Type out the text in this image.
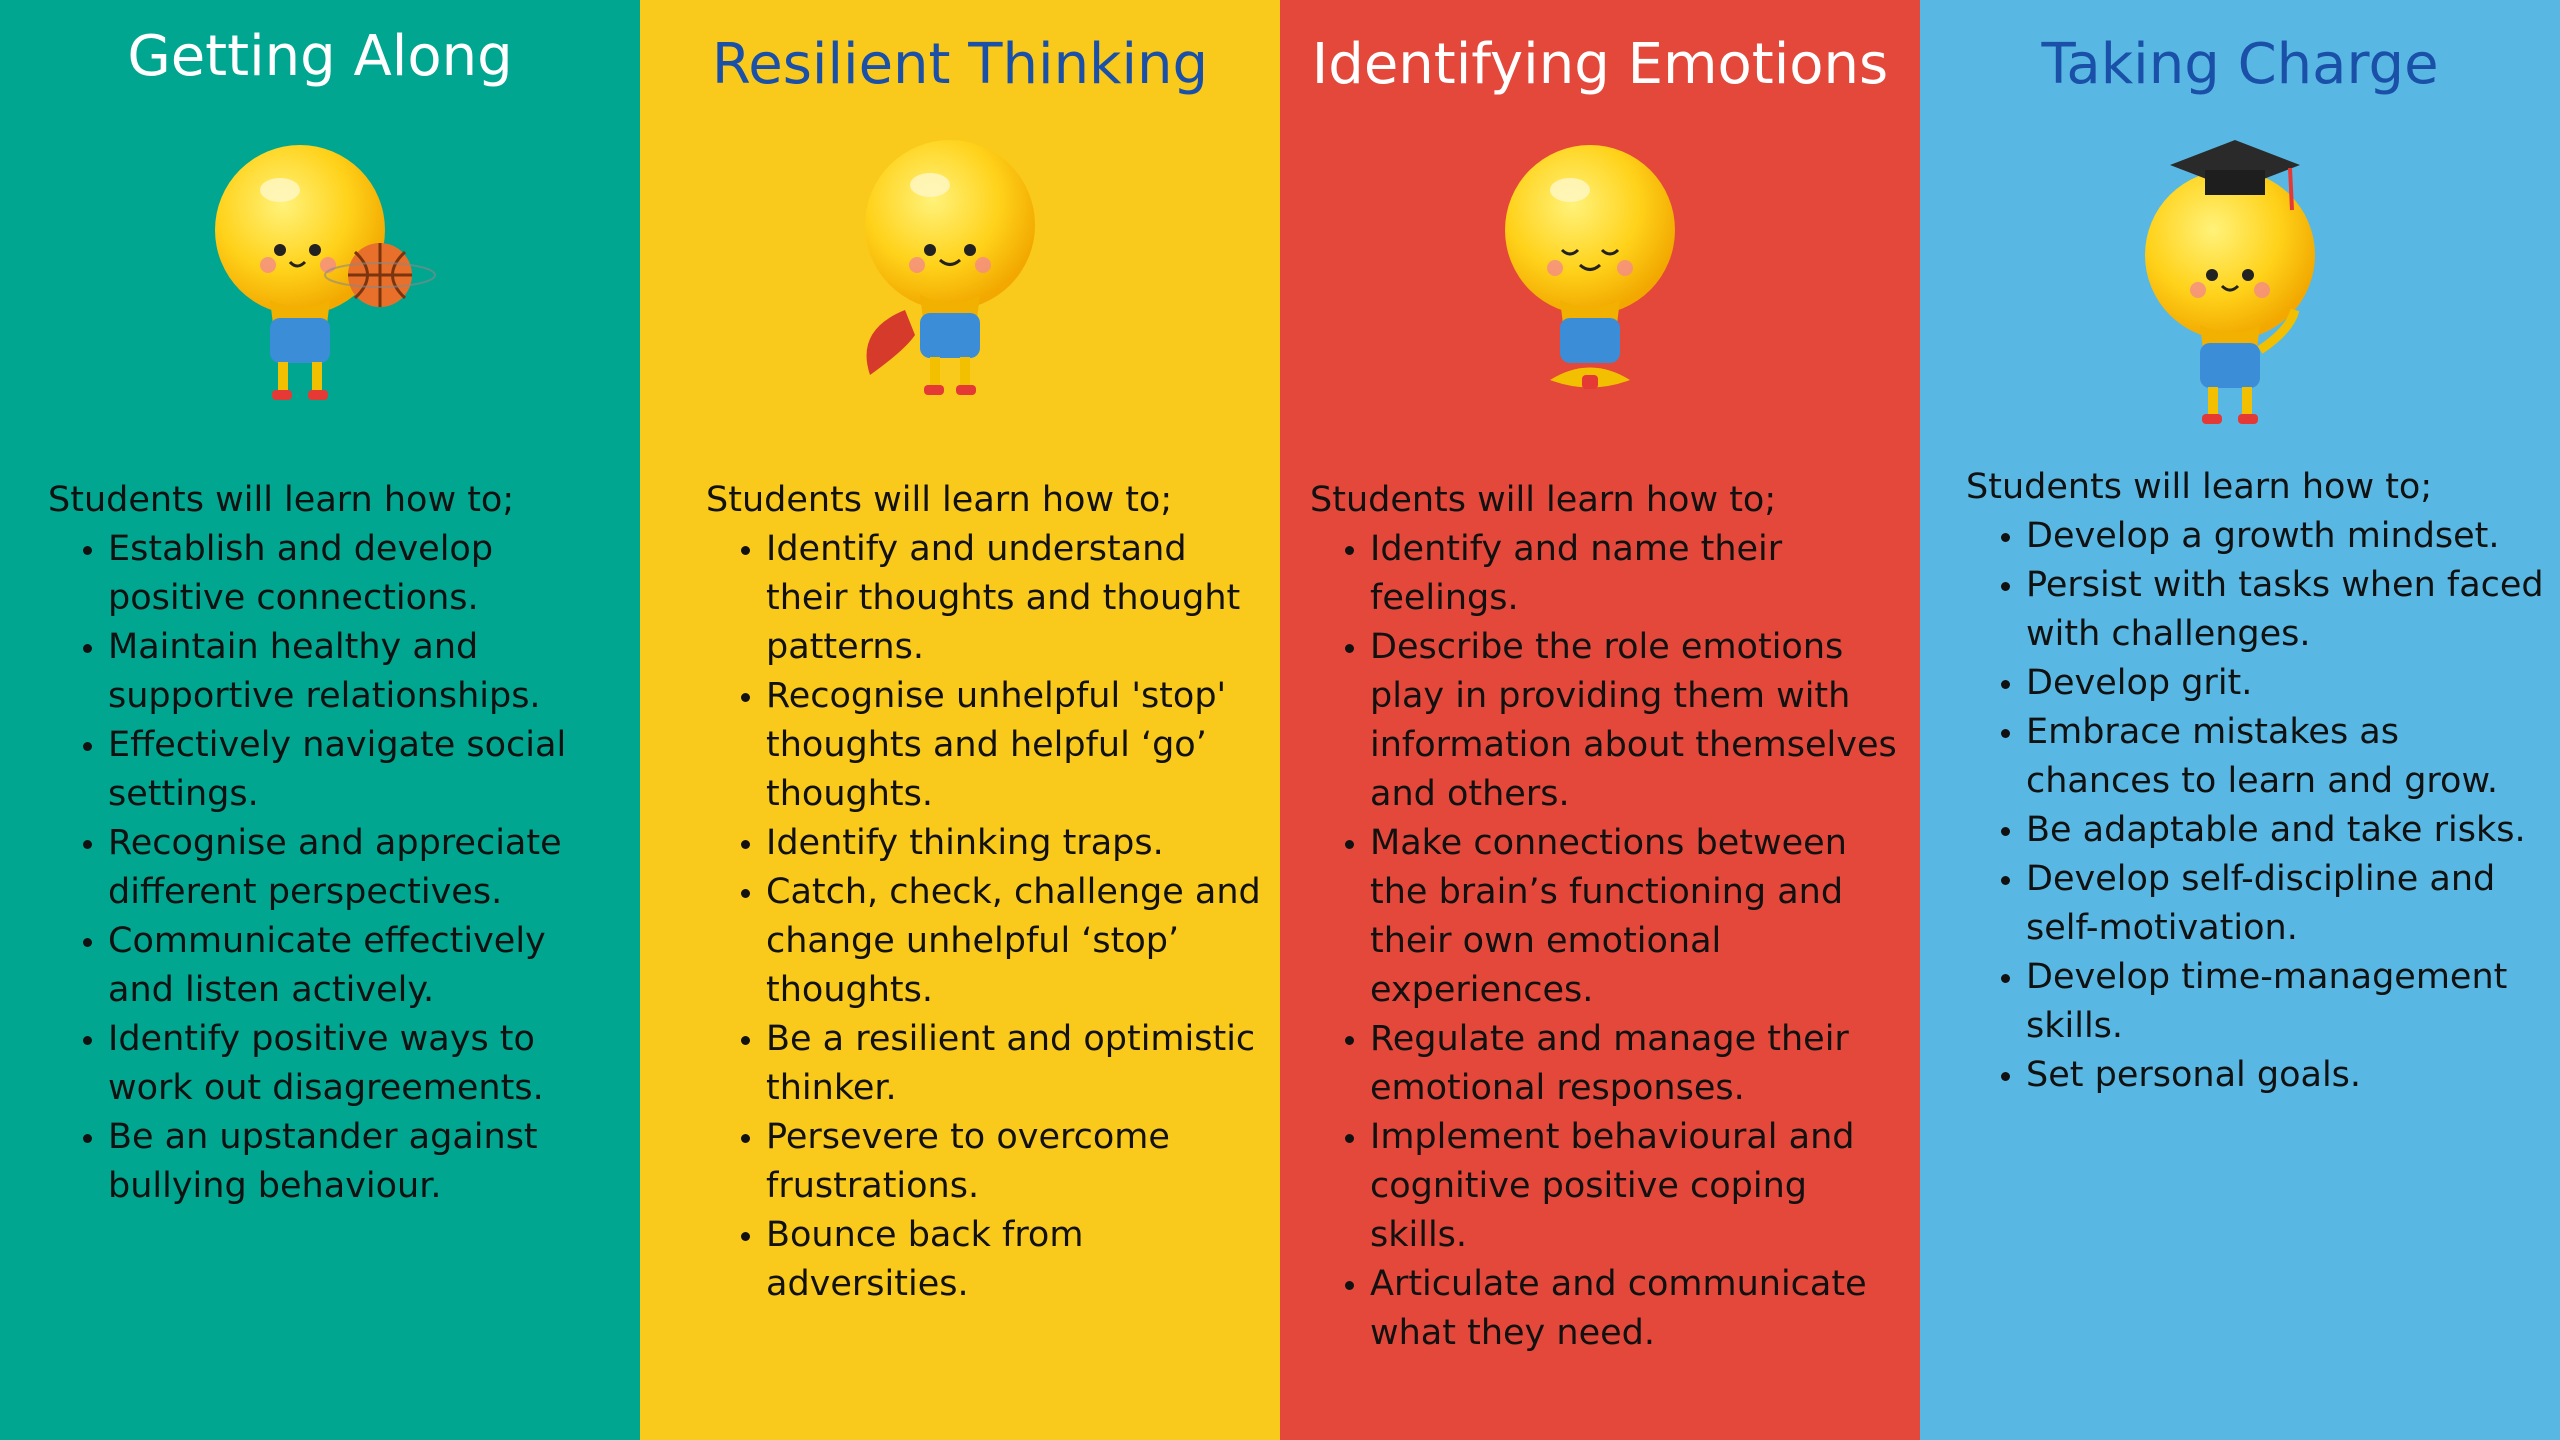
Getting Along

Students will learn how to;

• Establish and develop positive connections.
• Maintain healthy and supportive relationships.
• Effectively navigate social settings.
• Recognise and appreciate different perspectives.
• Communicate effectively and listen actively.
• Identify positive ways to work out disagreements.
• Be an upstander against bullying behaviour.
Resilient Thinking

Students will learn how to;

• Identify and understand their thoughts and thought patterns.
• Recognise unhelpful 'stop' thoughts and helpful ‘go’ thoughts.
• Identify thinking traps.
• Catch, check, challenge and change unhelpful ‘stop’ thoughts.
• Be a resilient and optimistic thinker.
• Persevere to overcome frustrations.
• Bounce back from adversities.
Identifying Emotions

Students will learn how to;

• Identify and name their feelings.
• Describe the role emotions play in providing them with information about themselves and others.
• Make connections between the brain’s functioning and their own emotional experiences.
• Regulate and manage their emotional responses.
• Implement behavioural and cognitive positive coping skills.
• Articulate and communicate what they need.
Taking Charge

Students will learn how to;

• Develop a growth mindset.
• Persist with tasks when faced with challenges.
• Develop grit.
• Embrace mistakes as chances to learn and grow.
• Be adaptable and take risks.
• Develop self-discipline and self-motivation.
• Develop time-management skills.
• Set personal goals.
